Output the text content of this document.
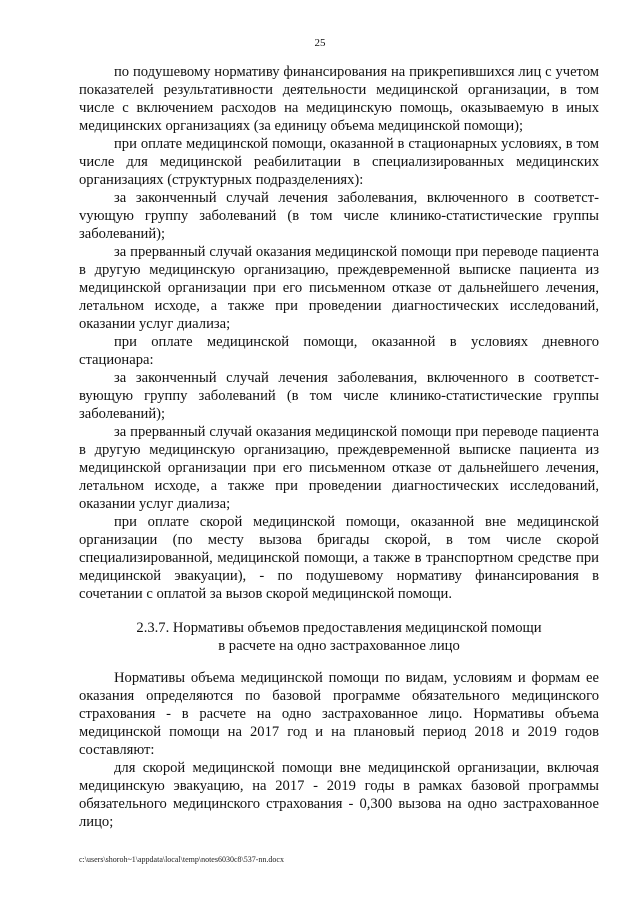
25

по подушевому нормативу финансирования на прикрепившихся лиц с учетом показателей результативности деятельности медицинской организации, в том числе с включением расходов на медицинскую помощь, оказываемую в иных медицинских организациях (за единицу объема медицинской помощи);

при оплате медицинской помощи, оказанной в стационарных условиях, в том числе для медицинской реабилитации в специализированных медицинских организациях (структурных подразделениях):

за законченный случай лечения заболевания, включенного в соответстvующую группу заболеваний (в том числе клинико-статистические группы заболеваний);

за прерванный случай оказания медицинской помощи при переводе пациента в другую медицинскую организацию, преждевременной выписке пациента из медицинской организации при его письменном отказе от дальнейшего лечения, летальном исходе, а также при проведении диагностических исследований, оказании услуг диализа;

при оплате медицинской помощи, оказанной в условиях дневного стационара:

за законченный случай лечения заболевания, включенного в соответствующую группу заболеваний (в том числе клинико-статистические группы заболеваний);

за прерванный случай оказания медицинской помощи при переводе пациента в другую медицинскую организацию, преждевременной выписке пациента из медицинской организации при его письменном отказе от дальнейшего лечения, летальном исходе, а также при проведении диагностических исследований, оказании услуг диализа;

при оплате скорой медицинской помощи, оказанной вне медицинской организации (по месту вызова бригады скорой, в том числе скорой специализированной, медицинской помощи, а также в транспортном средстве при медицинской эвакуации), - по подушевому нормативу финансирования в сочетании с оплатой за вызов скорой медицинской помощи.

2.3.7. Нормативы объемов предоставления медицинской помощи
в расчете на одно застрахованное лицо

Нормативы объема медицинской помощи по видам, условиям и формам ее оказания определяются по базовой программе обязательного медицинского страхования - в расчете на одно застрахованное лицо. Нормативы объема медицинской помощи на 2017 год и на плановый период 2018 и 2019 годов составляют:

для скорой медицинской помощи вне медицинской организации, включая медицинскую эвакуацию, на 2017 - 2019 годы в рамках базовой программы обязательного медицинского страхования - 0,300 вызова на одно застрахованное лицо;

c:\users\shoroh~1\appdata\local\temp\notes6030c8\537-nn.docx
